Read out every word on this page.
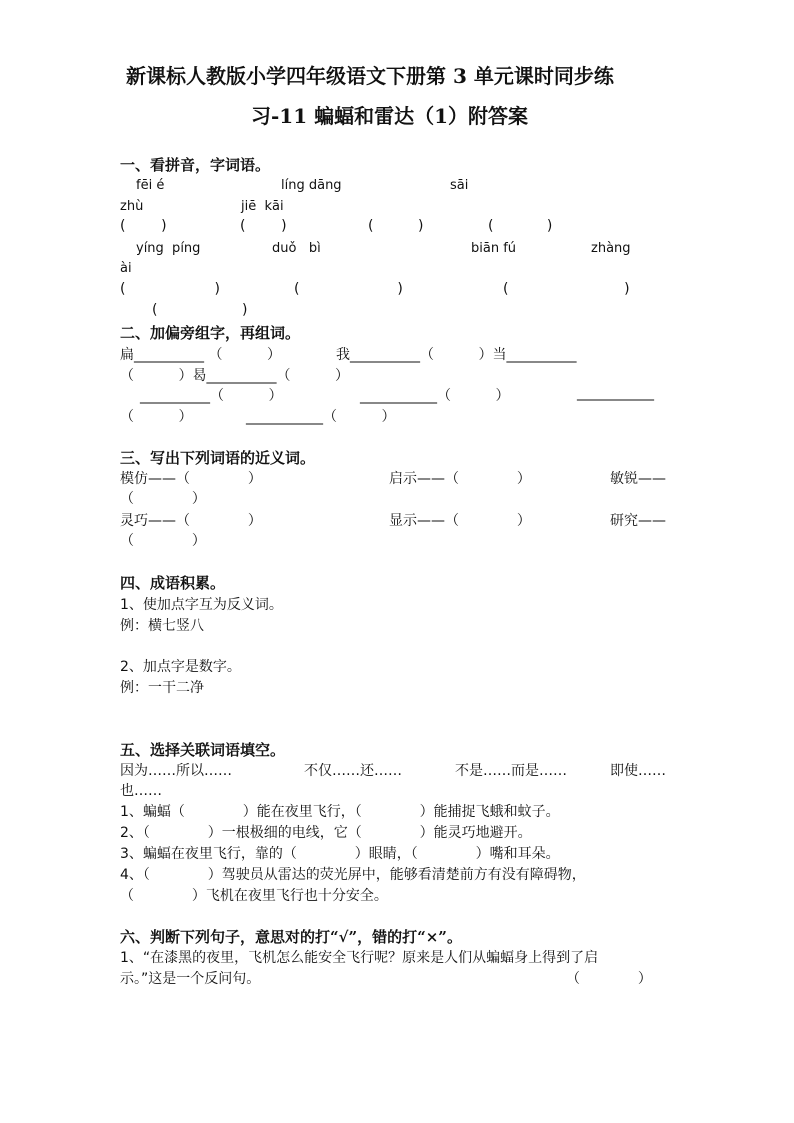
新课标人教版小学四年级语文下册第 3 单元课时同步练
习-11 蝙蝠和雷达（1）附答案
一、看拼音，字词语。
fēi é	líng dāng	sāi
zhù	jiē  kāi
(        )	(        )	(          )	(            )
yíng  píng	duǒ   bì	biān fú	zhàng
ài
(                    )	(                      )	(                          )
(                   )
二、加偏旁组字，再组词。
扁__________ （          ）	我__________（          ）当__________
（          ）曷__________（          ）
__________（          ）	___________（          ）	___________
（          ）	___________（          ）
三、写出下列词语的近义词。
模仿——（             ）	启示——（             ）	敏锐——
（             ）
灵巧——（             ）	显示——（             ）	研究——
（             ）
四、成语积累。
1、使加点字互为反义词。
例：横七竖八
2、加点字是数字。
例：一干二净
五、选择关联词语填空。
因为……所以……	不仅……还……	不是……而是……	即使……
也……
1、蝙蝠（             ）能在夜里飞行，（             ）能捕捉飞蛾和蚊子。
2、（             ）一根极细的电线，它（             ）能灵巧地避开。
3、蝙蝠在夜里飞行，靠的（             ）眼睛，（             ）嘴和耳朵。
4、（             ）驾驶员从雷达的荧光屏中，能够看清楚前方有没有障碍物，
（             ）飞机在夜里飞行也十分安全。
六、判断下列句子，意思对的打“√”，错的打“×”。
1、“在漆黑的夜里，飞机怎么能安全飞行呢？原来是人们从蝙蝠身上得到了启
示。”这是一个反问句。	（             ）
